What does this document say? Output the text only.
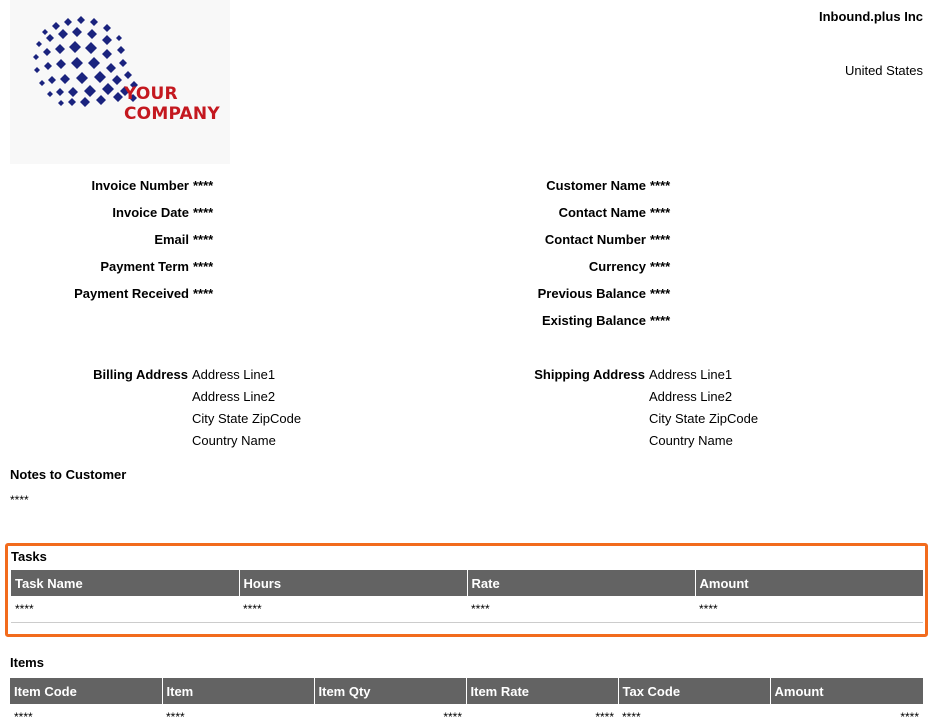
YOUR
COMPANY
Inbound.plus Inc
United States
Invoice Number ****
Invoice Date ****
Email ****
Payment Term ****
Payment Received ****
Customer Name ****
Contact Name ****
Contact Number ****
Currency ****
Previous Balance ****
Existing Balance ****
Billing Address Address Line1
Address Line2
City State ZipCode
Country Name
Shipping Address Address Line1
Address Line2
City State ZipCode
Country Name
Notes to Customer
****
Tasks
Task Name	Hours	Rate	Amount
****	****	****	****
Items
Item Code	Item	Item Qty	Item Rate	Tax Code	Amount
****	****	****	****	****	****
